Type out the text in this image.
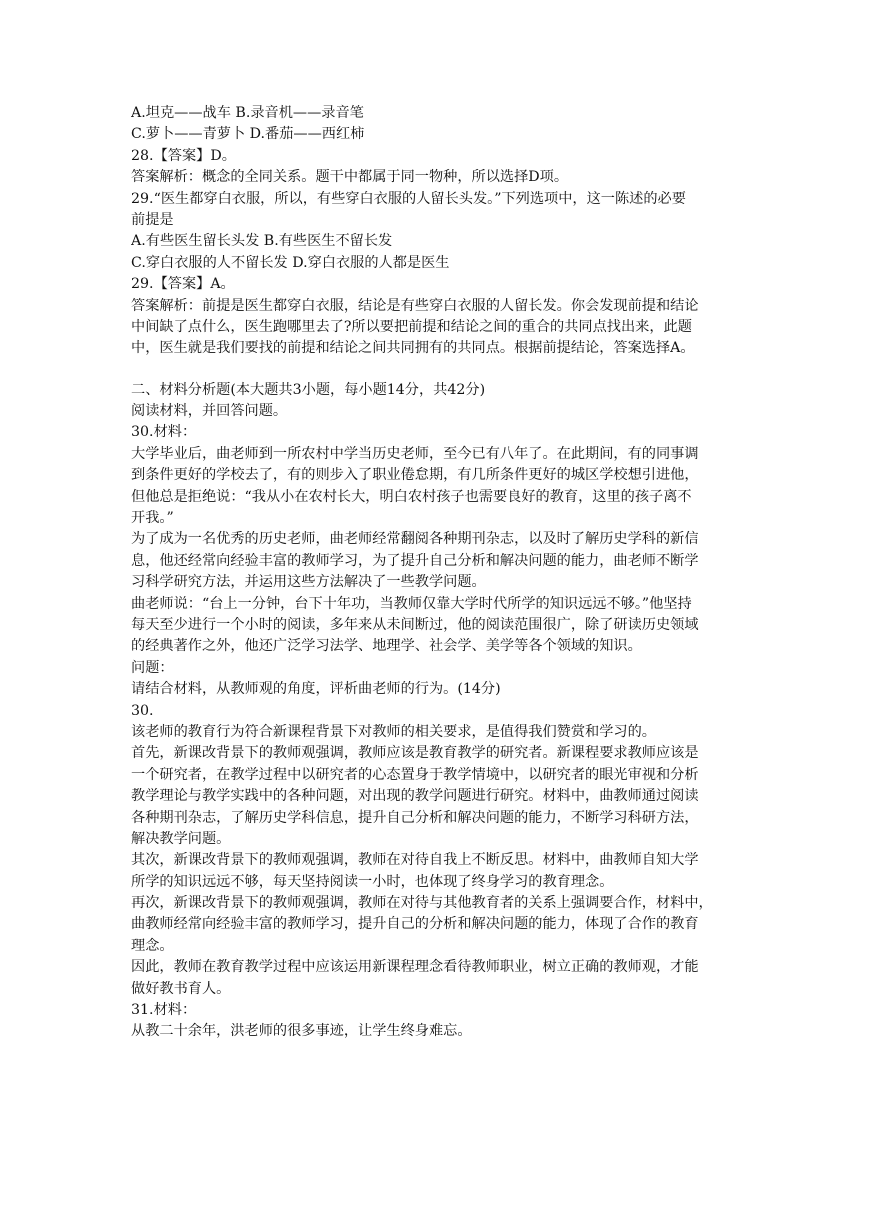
A.坦克——战车 B.录音机——录音笔
C.萝卜——青萝卜 D.番茄——西红柿
28.【答案】D。
答案解析：概念的全同关系。题干中都属于同一物种，所以选择D项。
29.“医生都穿白衣服，所以，有些穿白衣服的人留长头发。”下列选项中，这一陈述的必要
前提是
A.有些医生留长头发 B.有些医生不留长发
C.穿白衣服的人不留长发 D.穿白衣服的人都是医生
29.【答案】A。
答案解析：前提是医生都穿白衣服，结论是有些穿白衣服的人留长发。你会发现前提和结论
中间缺了点什么，医生跑哪里去了?所以要把前提和结论之间的重合的共同点找出来，此题
中，医生就是我们要找的前提和结论之间共同拥有的共同点。根据前提结论，答案选择A。
二、材料分析题(本大题共3小题，每小题14分，共42分)
阅读材料，并回答问题。
30.材料：
大学毕业后，曲老师到一所农村中学当历史老师，至今已有八年了。在此期间，有的同事调
到条件更好的学校去了，有的则步入了职业倦怠期，有几所条件更好的城区学校想引进他，
但他总是拒绝说：“我从小在农村长大，明白农村孩子也需要良好的教育，这里的孩子离不
开我。”
为了成为一名优秀的历史老师，曲老师经常翻阅各种期刊杂志，以及时了解历史学科的新信
息，他还经常向经验丰富的教师学习，为了提升自己分析和解决问题的能力，曲老师不断学
习科学研究方法，并运用这些方法解决了一些教学问题。
曲老师说：“台上一分钟，台下十年功，当教师仅靠大学时代所学的知识远远不够。”他坚持
每天至少进行一个小时的阅读，多年来从未间断过，他的阅读范围很广，除了研读历史领域
的经典著作之外，他还广泛学习法学、地理学、社会学、美学等各个领域的知识。
问题：
请结合材料，从教师观的角度，评析曲老师的行为。(14分)
30.
该老师的教育行为符合新课程背景下对教师的相关要求，是值得我们赞赏和学习的。
首先，新课改背景下的教师观强调，教师应该是教育教学的研究者。新课程要求教师应该是
一个研究者，在教学过程中以研究者的心态置身于教学情境中，以研究者的眼光审视和分析
教学理论与教学实践中的各种问题，对出现的教学问题进行研究。材料中，曲教师通过阅读
各种期刊杂志，了解历史学科信息，提升自己分析和解决问题的能力，不断学习科研方法，
解决教学问题。
其次，新课改背景下的教师观强调，教师在对待自我上不断反思。材料中，曲教师自知大学
所学的知识远远不够，每天坚持阅读一小时，也体现了终身学习的教育理念。
再次，新课改背景下的教师观强调，教师在对待与其他教育者的关系上强调要合作，材料中，
曲教师经常向经验丰富的教师学习，提升自己的分析和解决问题的能力，体现了合作的教育
理念。
因此，教师在教育教学过程中应该运用新课程理念看待教师职业，树立正确的教师观，才能
做好教书育人。
31.材料：
从教二十余年，洪老师的很多事迹，让学生终身难忘。
